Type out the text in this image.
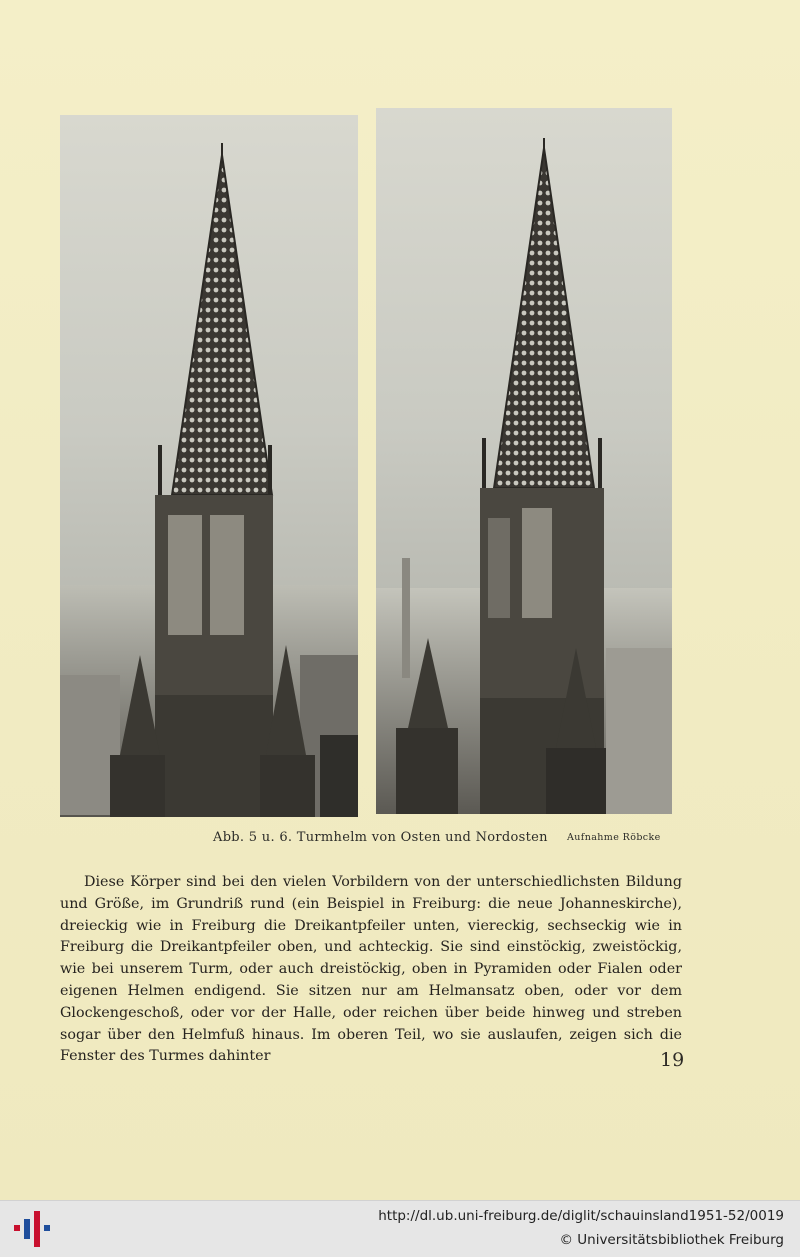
Abb. 5 u. 6. Turmhelm von Osten und Nordosten Aufnahme Röbcke

Diese Körper sind bei den vielen Vorbildern von der unterschiedlichsten Bildung und Größe, im Grundriß rund (ein Beispiel in Freiburg: die neue Johanneskirche), dreieckig wie in Freiburg die Dreikantpfeiler unten, viereckig, sechseckig wie in Freiburg die Dreikantpfeiler oben, und achteckig. Sie sind einstöckig, zweistöckig, wie bei unserem Turm, oder auch dreistöckig, oben in Pyramiden oder Fialen oder eigenen Helmen endigend. Sie sitzen nur am Helmansatz oben, oder vor dem Glockengeschoß, oder vor der Halle, oder reichen über beide hinweg und streben sogar über den Helmfuß hinaus. Im oberen Teil, wo sie auslaufen, zeigen sich die Fenster des Turmes dahinter	19
http://dl.ub.uni-freiburg.de/diglit/schauinsland1951-52/0019
© Universitätsbibliothek Freiburg
